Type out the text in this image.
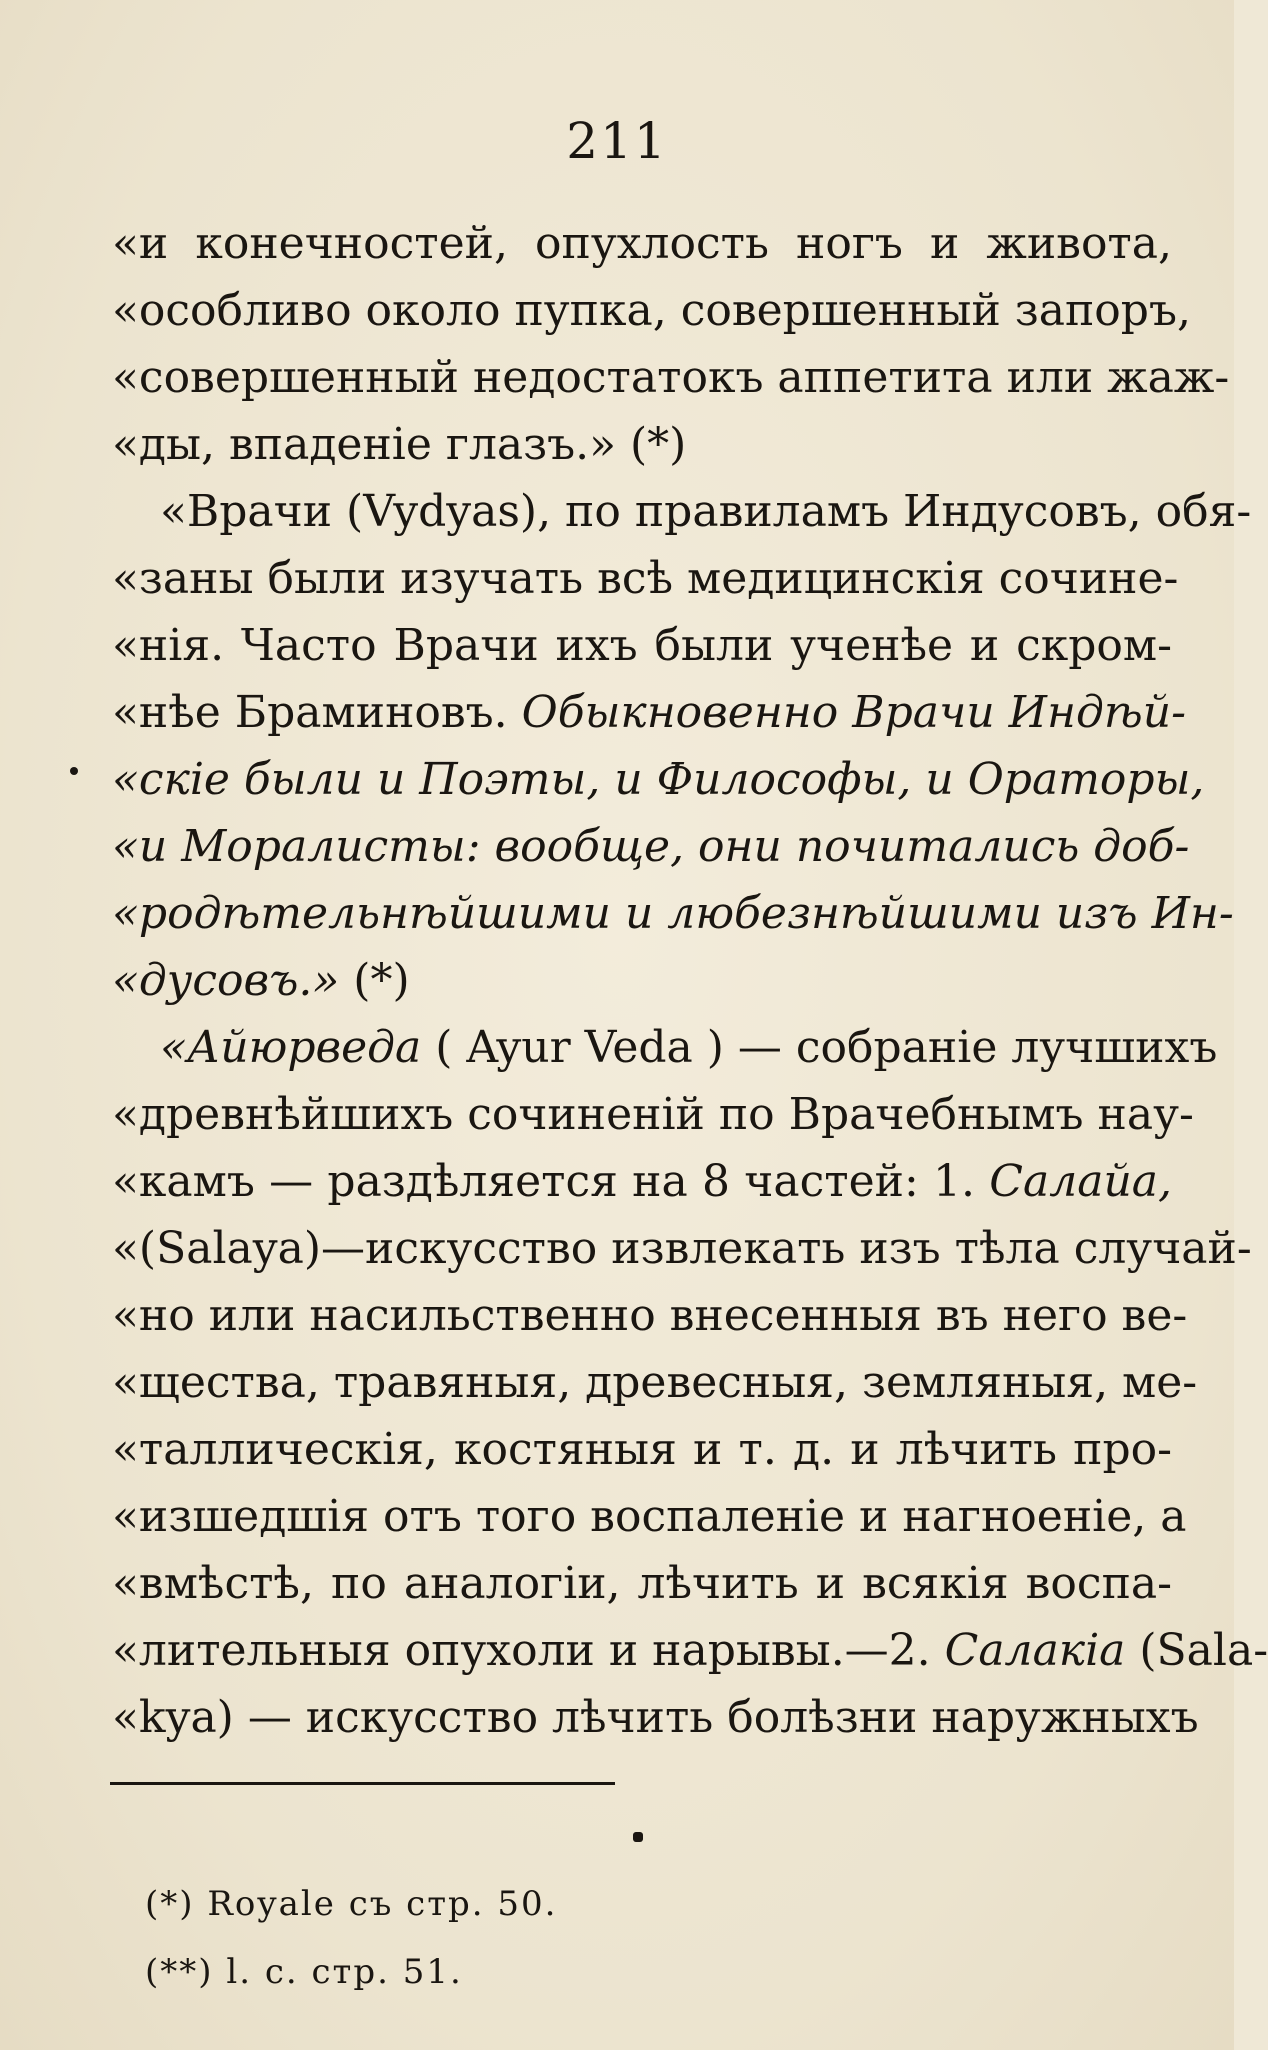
211
«и конечностей, опухлость ногъ и живота,
«особливо около пупка, совершенный запоръ,
«совершенный недостатокъ аппетита или жаж-
«ды, впаденіе глазъ.» (*)
«Врачи (Vydyas), по правиламъ Индусовъ, обя-
«заны были изучать всѣ медицинскія сочине-
«нія. Часто Врачи ихъ были ученѣе и скром-
«нѣе Браминовъ. Обыкновенно Врачи Индѣй-
«скіе были и Поэты, и Философы, и Ораторы,
«и Моралисты: вообще, они почитались доб-
«родѣтельнѣйшими и любезнѣйшими изъ Ин-
«дусовъ.» (*)
«Айюрведа ( Ayur Veda ) — собраніе лучшихъ
«древнѣйшихъ сочиненій по Врачебнымъ нау-
«камъ — раздѣляется на 8 частей: 1. Салайа,
«(Salaya)—искусство извлекать изъ тѣла случай-
«но или насильственно внесенныя въ него ве-
«щества, травяныя, древесныя, земляныя, ме-
«таллическія, костяныя и т. д. и лѣчить про-
«изшедшія отъ того воспаленіе и нагноеніе, а
«вмѣстѣ, по аналогіи, лѣчить и всякія воспа-
«лительныя опухоли и нарывы.—2. Салакіа (Sala-
«kya) — искусство лѣчить болѣзни наружныхъ
(*) Royale съ стр. 50.
(**) l. c. стр. 51.
